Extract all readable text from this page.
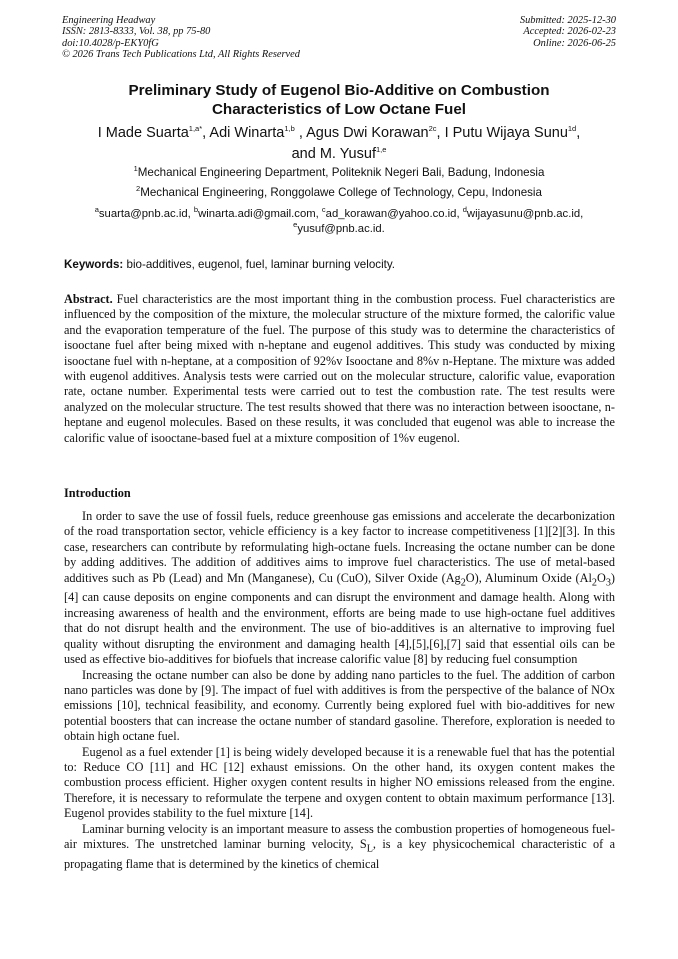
Engineering Headway
ISSN: 2813-8333, Vol. 38, pp 75-80
doi:10.4028/p-EKY0fG
© 2026 Trans Tech Publications Ltd, All Rights Reserved
Submitted: 2025-12-30
Accepted: 2026-02-23
Online: 2026-06-25
Preliminary Study of Eugenol Bio-Additive on Combustion
Characteristics of Low Octane Fuel
I Made Suarta$^{1,a*}$, Adi Winarta$^{1,b}$ , Agus Dwi Korawan$^{2c}$, I Putu Wijaya Sunu$^{1d}$,
and M. Yusuf$^{1,e}$
$^1$Mechanical Engineering Department, Politeknik Negeri Bali, Badung, Indonesia
$^2$Mechanical Engineering, Ronggolawe College of Technology, Cepu, Indonesia
$^a$suarta@pnb.ac.id, $^b$winarta.adi@gmail.com, $^c$ad_korawan@yahoo.co.id, $^d$wijayasunu@pnb.ac.id,
$^e$yusuf@pnb.ac.id.
Keywords: bio-additives, eugenol, fuel, laminar burning velocity.
Abstract. Fuel characteristics are the most important thing in the combustion process. Fuel characteristics are influenced by the composition of the mixture, the molecular structure of the mixture formed, the calorific value and the evaporation temperature of the fuel. The purpose of this study was to determine the characteristics of isooctane fuel after being mixed with n-heptane and eugenol additives. This study was conducted by mixing isooctane fuel with n-heptane, at a composition of 92%v Isooctane and 8%v n-Heptane. The mixture was added with eugenol additives. Analysis tests were carried out on the molecular structure, calorific value, evaporation rate, octane number. Experimental tests were carried out to test the combustion rate. The test results were analyzed on the molecular structure. The test results showed that there was no interaction between isooctane, n-heptane and eugenol molecules. Based on these results, it was concluded that eugenol was able to increase the calorific value of isooctane-based fuel at a mixture composition of 1%v eugenol.
Introduction

In order to save the use of fossil fuels, reduce greenhouse gas emissions and accelerate the decarbonization of the road transportation sector, vehicle efficiency is a key factor to increase competitiveness [1][2][3]. In this case, researchers can contribute by reformulating high-octane fuels. Increasing the octane number can be done by adding additives. The addition of additives aims to improve fuel characteristics. The use of metal-based additives such as Pb (Lead) and Mn (Manganese), Cu (CuO), Silver Oxide $(Ag_2O)$, Aluminum Oxide $(Al_2O_3)$ [4] can cause deposits on engine components and can disrupt the environment and damage health. Along with increasing awareness of health and the environment, efforts are being made to use high-octane fuel additives that do not disrupt health and the environment. The use of bio-additives is an alternative to improving fuel quality without disrupting the environment and damaging health [4],[5],[6],[7] said that essential oils can be used as effective bio-additives for biofuels that increase calorific value [8] by reducing fuel consumption

Increasing the octane number can also be done by adding nano particles to the fuel. The addition of carbon nano particles was done by [9]. The impact of fuel with additives is from the perspective of the balance of NOx emissions [10], technical feasibility, and economy. Currently being explored fuel with bio-additives for new potential boosters that can increase the octane number of standard gasoline. Therefore, exploration is needed to obtain high octane fuel.

Eugenol as a fuel extender [1] is being widely developed because it is a renewable fuel that has the potential to: Reduce CO [11] and HC [12] exhaust emissions. On the other hand, its oxygen content makes the combustion process efficient. Higher oxygen content results in higher NO emissions released from the engine. Therefore, it is necessary to reformulate the terpene and oxygen content to obtain maximum performance [13]. Eugenol provides stability to the fuel mixture [14].

Laminar burning velocity is an important measure to assess the combustion properties of homogeneous fuel-air mixtures. The unstretched laminar burning velocity, $S_L$, is a key physicochemical characteristic of a propagating flame that is determined by the kinetics of chemical
